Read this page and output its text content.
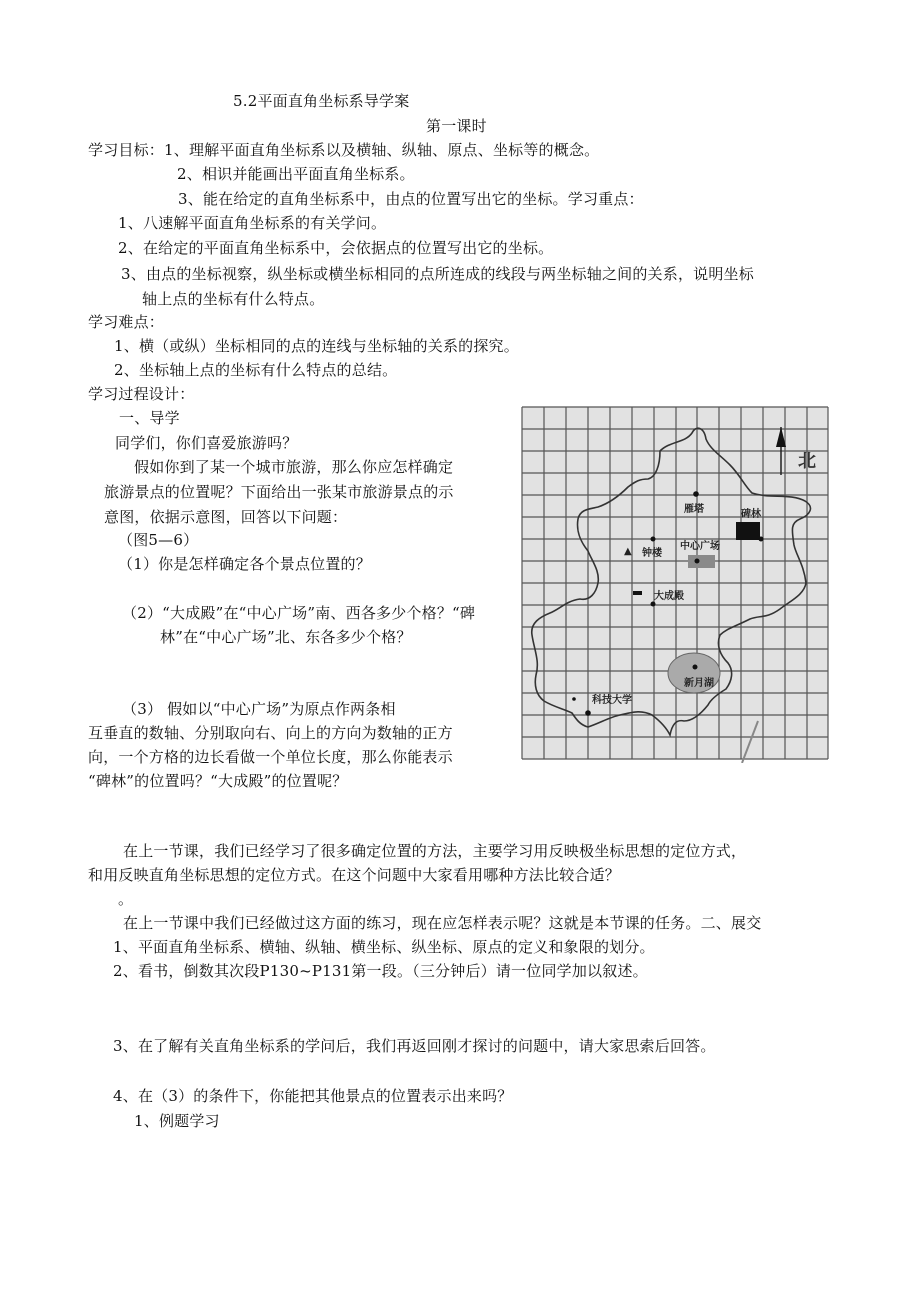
5.2平面直角坐标系导学案
第一课时
学习目标：1、理解平面直角坐标系以及横轴、纵轴、原点、坐标等的概念。
2、相识并能画出平面直角坐标系。
3、能在给定的直角坐标系中，由点的位置写出它的坐标。学习重点：
1、八速解平面直角坐标系的有关学问。
2、在给定的平面直角坐标系中，会依据点的位置写出它的坐标。
3、由点的坐标视察，纵坐标或横坐标相同的点所连成的线段与两坐标轴之间的关系，说明坐标
轴上点的坐标有什么特点。
学习难点：
1、横（或纵）坐标相同的点的连线与坐标轴的关系的探究。
2、坐标轴上点的坐标有什么特点的总结。
学习过程设计：
一、导学
同学们，你们喜爱旅游吗？
假如你到了某一个城市旅游，那么你应怎样确定
旅游景点的位置呢？下面给出一张某市旅游景点的示
意图，依据示意图，回答以下问题：
（图5—6）
（1）你是怎样确定各个景点位置的？
（2）“大成殿”在“中心广场”南、西各多少个格？“碑
林”在“中心广场”北、东各多少个格？
（3） 假如以“中心广场”为原点作两条相
互垂直的数轴、分别取向右、向上的方向为数轴的正方
向，一个方格的边长看做一个单位长度，那么你能表示
“碑林”的位置吗？“大成殿”的位置呢？
北
雁塔	碑林
▲ 钟楼
中心广场
大成殿
新月湖
科技大学
在上一节课，我们已经学习了很多确定位置的方法，主要学习用反映极坐标思想的定位方式，
和用反映直角坐标思想的定位方式。在这个问题中大家看用哪种方法比较合适？
。
在上一节课中我们已经做过这方面的练习，现在应怎样表示呢？这就是本节课的任务。二、展交
1、平面直角坐标系、横轴、纵轴、横坐标、纵坐标、原点的定义和象限的划分。
2、看书，倒数其次段P130~P131第一段。（三分钟后）请一位同学加以叙述。
3、在了解有关直角坐标系的学问后，我们再返回刚才探讨的问题中，请大家思索后回答。
4、在（3）的条件下，你能把其他景点的位置表示出来吗？
1、例题学习
